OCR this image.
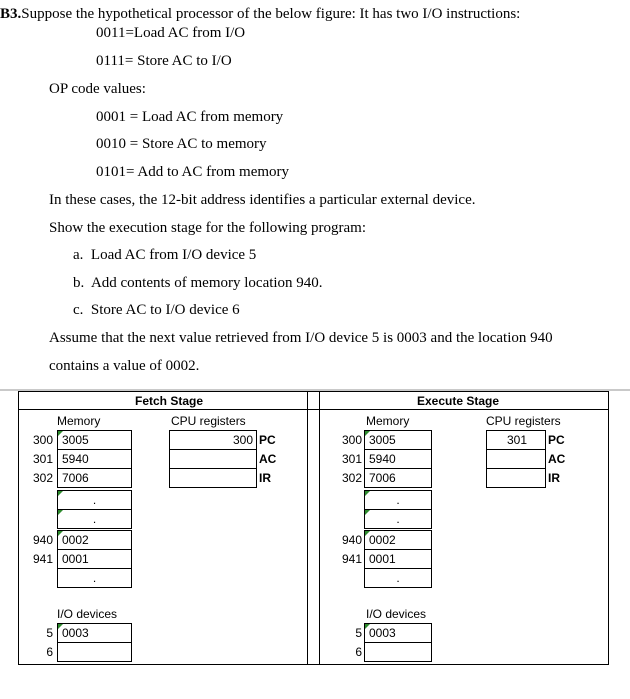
B3.Suppose the hypothetical processor of the below figure: It has two I/O instructions:
0011=Load AC from I/O
0111= Store AC to I/O
OP code values:
0001 = Load AC from memory
0010 = Store AC to memory
0101= Add to AC from memory
In these cases, the 12-bit address identifies a particular external device.
Show the execution stage for the following program:
a. Load AC from I/O device 5
b. Add contents of memory location 940.
c. Store AC to I/O device 6
Assume that the next value retrieved from I/O device 5 is 0003 and the location 940
contains a value of 0002.
Fetch Stage
Memory	CPU registers
300 3005
301 5940
302 7006
.
.
940 0002
941 0001
.
300 PC
AC
IR
I/O devices
5 0003
6
Execute Stage
Memory	CPU registers
300 3005
301 5940
302 7006
.
.
940 0002
941 0001
.
301	PC
AC
IR
I/O devices
5 0003
6
